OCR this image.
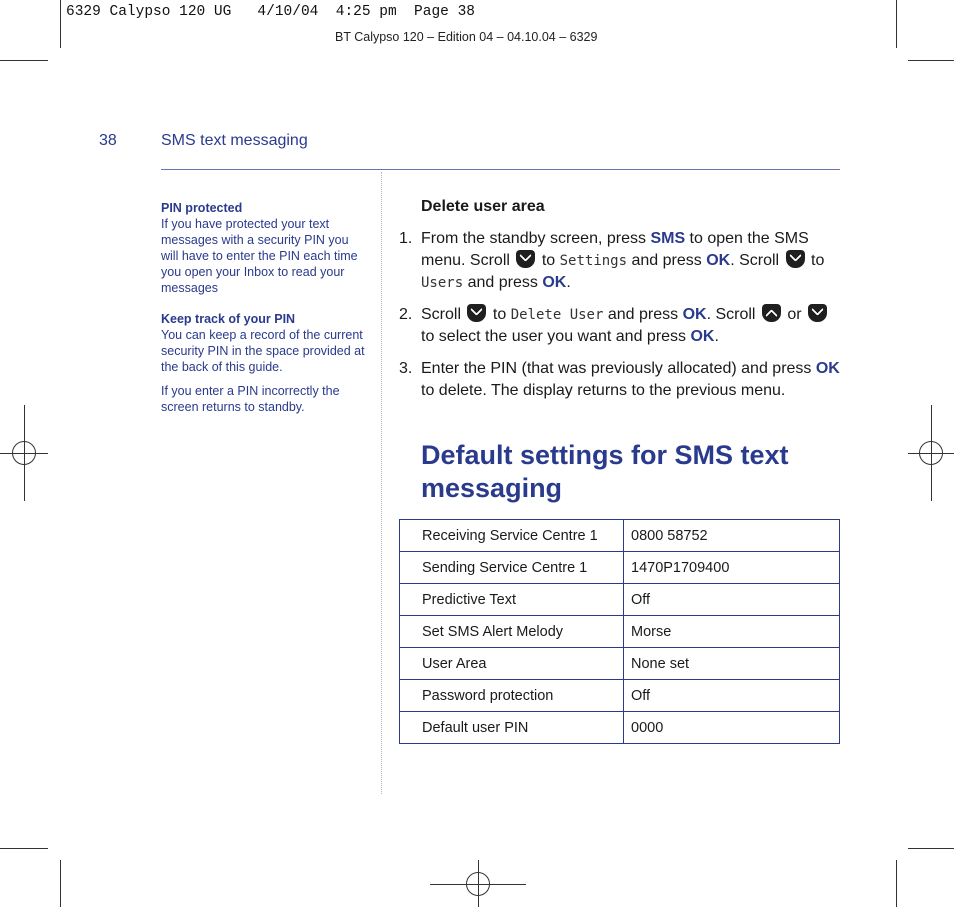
6329 Calypso 120 UG   4/10/04  4:25 pm  Page 38
BT Calypso 120 – Edition 04 – 04.10.04 – 6329
38	SMS text messaging
PIN protected

If you have protected your text messages with a security PIN you will have to enter the PIN each time you open your Inbox to read your messages

Keep track of your PIN

You can keep a record of the current security PIN in the space provided at the back of this guide.

If you enter a PIN incorrectly the screen returns to standby.

Delete user area
1. From the standby screen, press SMS to open the SMS menu. Scroll  to Settings and press OK. Scroll  to Users and press OK.
2. Scroll  to Delete User and press OK. Scroll  or  to select the user you want and press OK.
3. Enter the PIN (that was previously allocated) and press OK to delete. The display returns to the previous menu.
Default settings for SMS text messaging
Receiving Service Centre 1	0800 58752
Sending Service Centre 1	1470P1709400
Predictive Text	Off
Set SMS Alert Melody	Morse
User Area	None set
Password protection	Off
Default user PIN	0000
